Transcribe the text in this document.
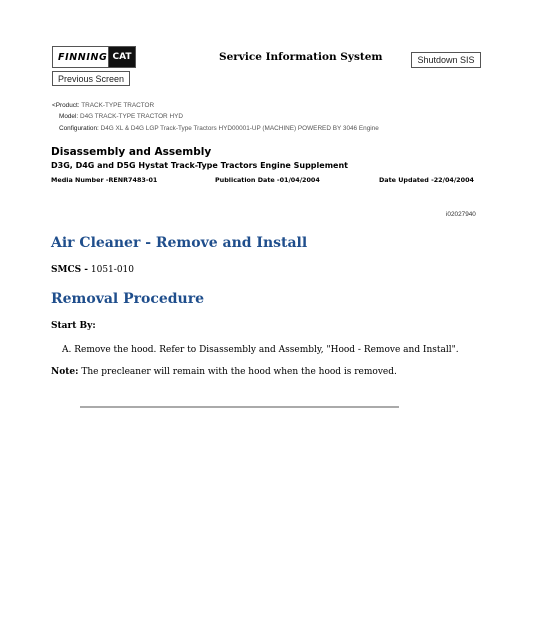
FINNING CAT	Service Information System	Shutdown SIS
Previous Screen
<Product: TRACK-TYPE TRACTOR
Model: D4G TRACK-TYPE TRACTOR HYD
Configuration: D4G XL & D4G LGP Track-Type Tractors HYD00001-UP (MACHINE) POWERED BY 3046 Engine
Disassembly and Assembly
D3G, D4G and D5G Hystat Track-Type Tractors Engine Supplement
Media Number -RENR7483-01	Publication Date -01/04/2004	Date Updated -22/04/2004
i02027940
Air Cleaner - Remove and Install
SMCS - 1051-010
Removal Procedure
Start By:
A. Remove the hood. Refer to Disassembly and Assembly, "Hood - Remove and Install".
Note: The precleaner will remain with the hood when the hood is removed.
